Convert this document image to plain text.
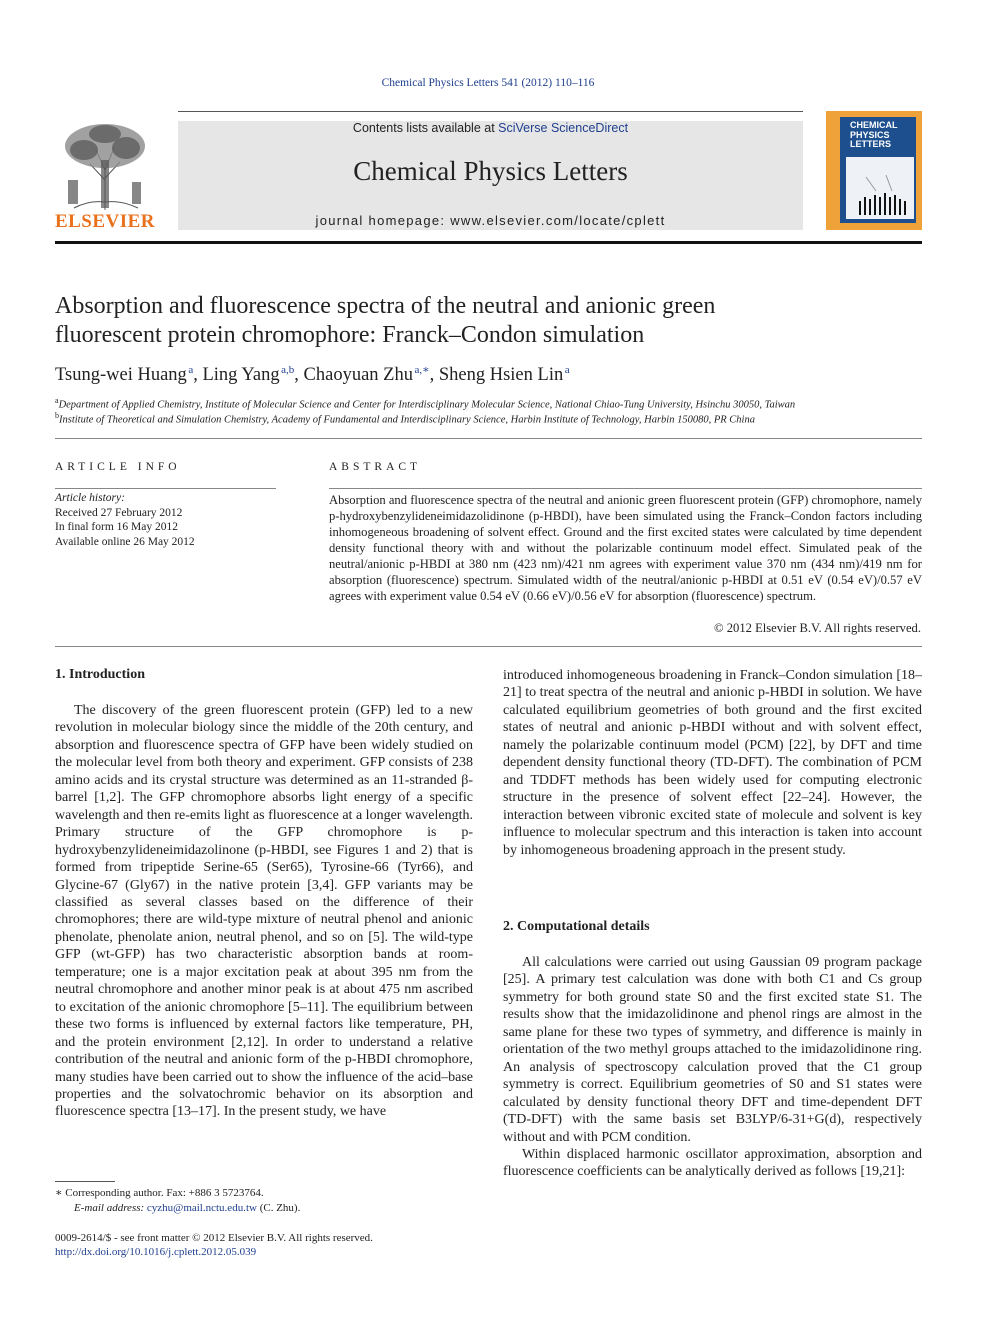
Chemical Physics Letters 541 (2012) 110–116
ELSEVIER
Contents lists available at SciVerse ScienceDirect
Chemical Physics Letters
journal homepage: www.elsevier.com/locate/cplett
CHEMICAL
PHYSICS
LETTERS
Absorption and fluorescence spectra of the neutral and anionic green
fluorescent protein chromophore: Franck–Condon simulation
Tsung-wei Huang  $^a$, Ling Yang  $^{a,b}$, Chaoyuan Zhu  $^{a,∗}$, Sheng Hsien Lin  $^a$
$^a$Department of Applied Chemistry, Institute of Molecular Science and Center for Interdisciplinary Molecular Science, National Chiao-Tung University, Hsinchu 30050, Taiwan
$^b$Institute of Theoretical and Simulation Chemistry, Academy of Fundamental and Interdisciplinary Science, Harbin Institute of Technology, Harbin 150080, PR China
ARTICLE INFO
Article history:
Received 27 February 2012
In final form 16 May 2012
Available online 26 May 2012
ABSTRACT
Absorption and fluorescence spectra of the neutral and anionic green fluorescent protein (GFP) chromophore, namely p-hydroxybenzylideneimidazolidinone (p-HBDI), have been simulated using the Franck–Condon factors including inhomogeneous broadening of solvent effect. Ground and the first excited states were calculated by time dependent density functional theory with and without the polarizable continuum model effect. Simulated peak of the neutral/anionic p-HBDI at 380 nm (423 nm)/421 nm agrees with experiment value 370 nm (434 nm)/419 nm for absorption (fluorescence) spectrum. Simulated width of the neutral/anionic p-HBDI at 0.51 eV (0.54 eV)/0.57 eV agrees with experiment value 0.54 eV (0.66 eV)/0.56 eV for absorption (fluorescence) spectrum.
© 2012 Elsevier B.V. All rights reserved.
1. Introduction

The discovery of the green fluorescent protein (GFP) led to a new revolution in molecular biology since the middle of the 20th century, and absorption and fluorescence spectra of GFP have been widely studied on the molecular level from both theory and experiment. GFP consists of 238 amino acids and its crystal structure was determined as an 11-stranded β-barrel [1,2]. The GFP chromophore absorbs light energy of a specific wavelength and then re-emits light as fluorescence at a longer wavelength. Primary structure of the GFP chromophore is p-hydroxybenzylideneimidazolinone (p-HBDI, see Figures 1 and 2) that is formed from tripeptide Serine-65 (Ser65), Tyrosine-66 (Tyr66), and Glycine-67 (Gly67) in the native protein [3,4]. GFP variants may be classified as several classes based on the difference of their chromophores; there are wild-type mixture of neutral phenol and anionic phenolate, phenolate anion, neutral phenol, and so on [5]. The wild-type GFP (wt-GFP) has two characteristic absorption bands at room-temperature; one is a major excitation peak at about 395 nm from the neutral chromophore and another minor peak is at about 475 nm ascribed to excitation of the anionic chromophore [5–11]. The equilibrium between these two forms is influenced by external factors like temperature, PH, and the protein environment [2,12]. In order to understand a relative contribution of the neutral and anionic form of the p-HBDI chromophore, many studies have been carried out to show the influence of the acid–base properties and the solvatochromic behavior on its absorption and fluorescence spectra [13–17]. In the present study, we have

∗ Corresponding author. Fax: +886 3 5723764.
E-mail address: cyzhu@mail.nctu.edu.tw (C. Zhu).
0009-2614/$ - see front matter © 2012 Elsevier B.V. All rights reserved.
http://dx.doi.org/10.1016/j.cplett.2012.05.039

introduced inhomogeneous broadening in Franck–Condon simulation [18–21] to treat spectra of the neutral and anionic p-HBDI in solution. We have calculated equilibrium geometries of both ground and the first excited states of neutral and anionic p-HBDI without and with solvent effect, namely the polarizable continuum model (PCM) [22], by DFT and time dependent density functional theory (TD-DFT). The combination of PCM and TDDFT methods has been widely used for computing electronic structure in the presence of solvent effect [22–24]. However, the interaction between vibronic excited state of molecule and solvent is key influence to molecular spectrum and this interaction is taken into account by inhomogeneous broadening approach in the present study.

2. Computational details

All calculations were carried out using Gaussian 09 program package [25]. A primary test calculation was done with both C1 and Cs group symmetry for both ground state S0 and the first excited state S1. The results show that the imidazolidinone and phenol rings are almost in the same plane for these two types of symmetry, and difference is mainly in orientation of the two methyl groups attached to the imidazolidinone ring. An analysis of spectroscopy calculation proved that the C1 group symmetry is correct. Equilibrium geometries of S0 and S1 states were calculated by density functional theory DFT and time-dependent DFT (TD-DFT) with the same basis set B3LYP/6-31+G(d), respectively without and with PCM condition.

Within displaced harmonic oscillator approximation, absorption and fluorescence coefficients can be analytically derived as follows [19,21]:
